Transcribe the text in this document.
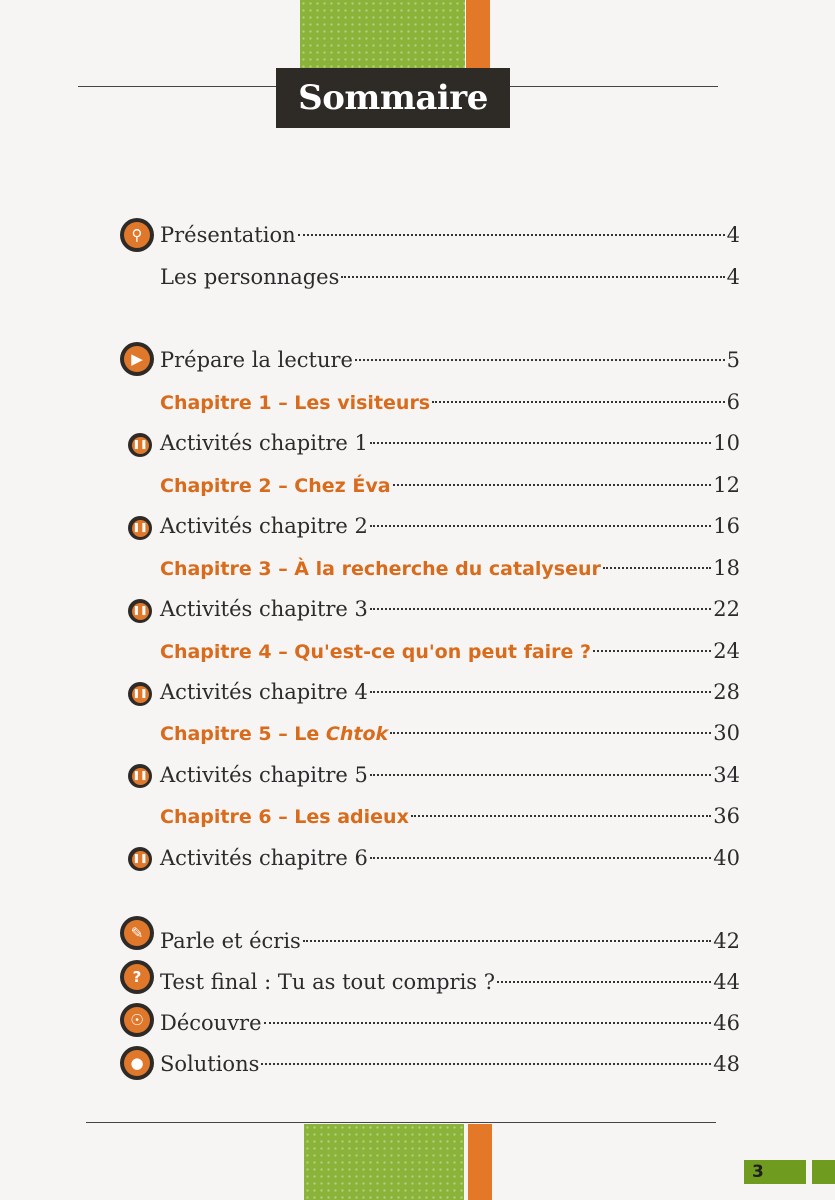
Sommaire
⚲
▶
❚❚
❚❚
❚❚
❚❚
❚❚
❚❚
✎
?
☉
●
Présentation	4
Les personnages	4
Prépare la lecture	5
Chapitre 1 – Les visiteurs	6
Activités chapitre 1	10
Chapitre 2 – Chez Éva	12
Activités chapitre 2	16
Chapitre 3 – À la recherche du catalyseur	18
Activités chapitre 3	22
Chapitre 4 – Qu'est-ce qu'on peut faire ?	24
Activités chapitre 4	28
Chapitre 5 – Le Chtok	30
Activités chapitre 5	34
Chapitre 6 – Les adieux	36
Activités chapitre 6	40
Parle et écris	42
Test final : Tu as tout compris ?	44
Découvre	46
Solutions	48
3
